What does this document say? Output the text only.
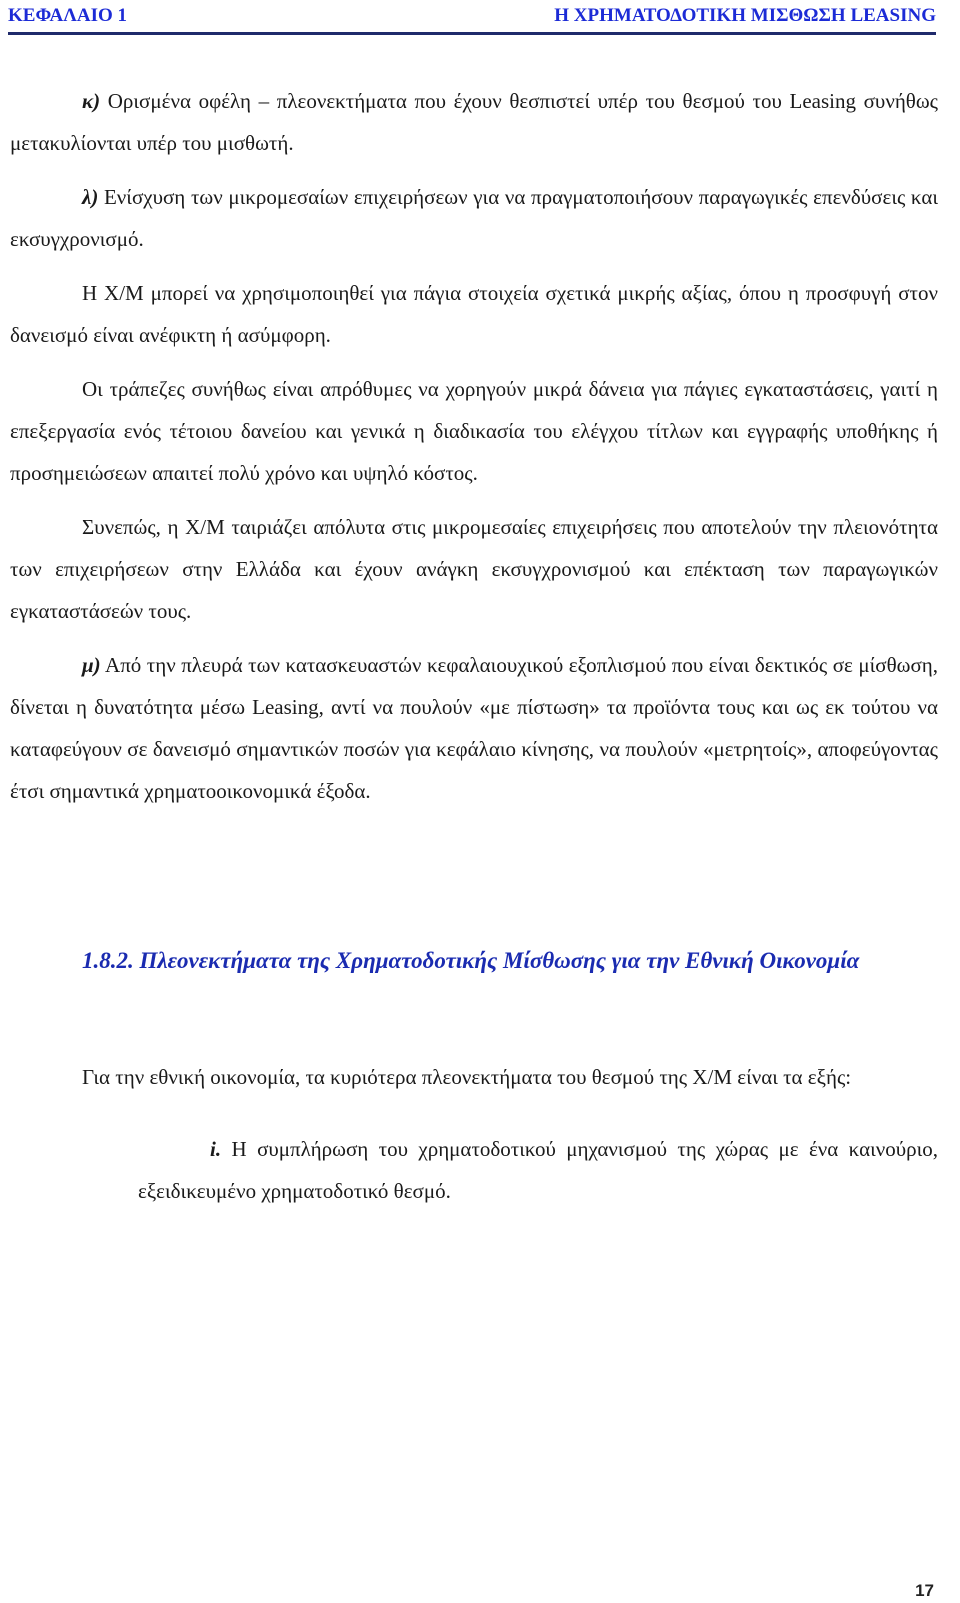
ΚΕΦΑΛΑΙΟ 1	Η ΧΡΗΜΑΤΟΔΟΤΙΚΗ ΜΙΣΘΩΣΗ LEASING

κ) Ορισμένα οφέλη – πλεονεκτήματα που έχουν θεσπιστεί υπέρ του θεσμού του Leasing συνήθως μετακυλίονται υπέρ του μισθωτή.

λ) Ενίσχυση των μικρομεσαίων επιχειρήσεων για να πραγματοποιήσουν παραγωγικές επενδύσεις και εκσυγχρονισμό.

Η Χ/Μ μπορεί να χρησιμοποιηθεί για πάγια στοιχεία σχετικά μικρής αξίας, όπου η προσφυγή στον δανεισμό είναι ανέφικτη ή ασύμφορη.

Οι τράπεζες συνήθως είναι απρόθυμες να χορηγούν μικρά δάνεια για πάγιες εγκαταστάσεις, γαιτί η επεξεργασία ενός τέτοιου δανείου και γενικά η διαδικασία του ελέγχου τίτλων και εγγραφής υποθήκης ή προσημειώσεων απαιτεί πολύ χρόνο και υψηλό κόστος.

Συνεπώς, η Χ/Μ ταιριάζει απόλυτα στις μικρομεσαίες επιχειρήσεις που αποτελούν την πλειονότητα των επιχειρήσεων στην Ελλάδα και έχουν ανάγκη εκσυγχρονισμού και επέκταση των παραγωγικών εγκαταστάσεών τους.

μ) Από την πλευρά των κατασκευαστών κεφαλαιουχικού εξοπλισμού που είναι δεκτικός σε μίσθωση, δίνεται η δυνατότητα μέσω Leasing, αντί να πουλούν «με πίστωση» τα προϊόντα τους και ως εκ τούτου να καταφεύγουν σε δανεισμό σημαντικών ποσών για κεφάλαιο κίνησης, να πουλούν «μετρητοίς», αποφεύγοντας έτσι σημαντικά χρηματοοικονομικά έξοδα.

1.8.2. Πλεονεκτήματα της Χρηματοδοτικής Μίσθωσης για την Εθνική Οικονομία

Για την εθνική οικονομία, τα κυριότερα πλεονεκτήματα του θεσμού της Χ/Μ είναι τα εξής:

i. Η συμπλήρωση του χρηματοδοτικού μηχανισμού της χώρας με ένα καινούριο, εξειδικευμένο χρηματοδοτικό θεσμό.

17
